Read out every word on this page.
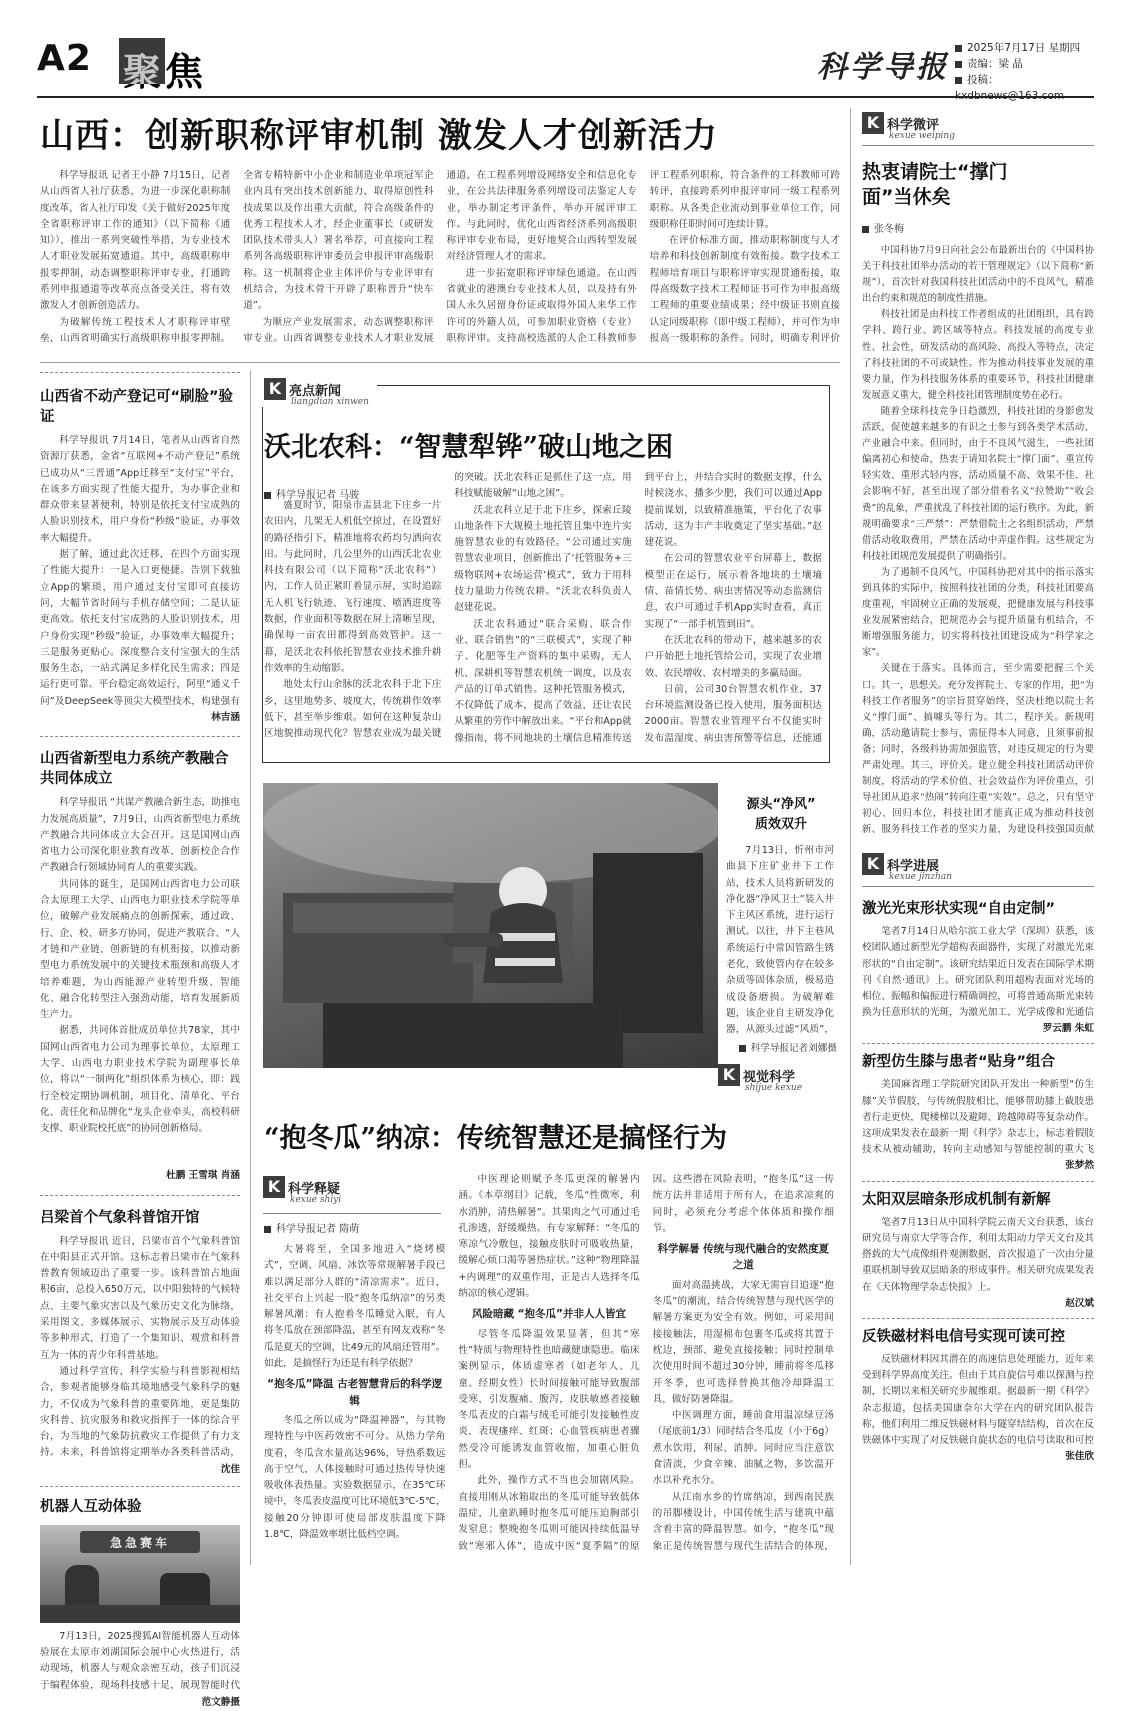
A2 聚焦	科学导报
2025年7月17日 星期四
责编：梁 晶
投稿：
山西：创新职称评审机制 激发人才创新活力

科学导报讯 记者王小静 7月15日，记者从山西省人社厅获悉，为进一步深化职称制度改革，省人社厅印发《关于做好2025年度全省职称评审工作的通知》（以下简称《通知》），推出一系列突破性举措，为专业技术人才职业发展拓宽通道。其中，高级职称申报零押制，动态调整职称评审专业，打通跨系列申报通道等改革亮点备受关注，将有效激发人才创新创造活力。

为破解传统工程技术人才职称评审壁垒，山西省明确实行高级职称申报零押制。全省专精特新中小企业和制造业单项冠军企业内具有突出技术创新能力、取得原创性科技成果以及作出重大贡献，符合高级条件的优秀工程技术人才，经企业董事长（或研发团队技术带头人）署名举荐，可直接向工程系列各高级职称评审委员会申报评审高级职称。这一机制将企业主体评价与专业评审有机结合，为技术骨干开辟了职称晋升“快车道”。

为顺应产业发展需求，动态调整职称评审专业。山西省调整专业技术人才职业发展通道，在工程系列增设网络安全和信息化专业，在公共法律服务系列增设司法鉴定人专业，举办制定考评条件，举办开展评审工作。与此同时，优化山西省经济系列高级职称评审专业布局，更好地契合山西转型发展对经济管理人才的需求。

进一步拓宽职称评审绿色通道。在山西省就业的港澳台专业技术人员，以及持有外国人永久居留身份证或取得外国人来华工作许可的外籍人员，可参加职业资格（专业）职称评审。支持高校选派的人企工科教师参评工程系列职称，符合条件的工科教师可跨转评，直接跨系列申报评审同一级工程系列职称。从各类企业流动到事业单位工作，同级职称任职时间可连续计算。

在评价标准方面，推动职称制度与人才培养和科技创新制度有效衔接。数字技术工程师培育项目与职称评审实现贯通衔接，取得高级数字技术工程师证书可作为申报高级工程师的重要业绩成果；经中级证书则直接认定同级职称（即中级工程师），并可作为申报高一级职称的条件。同时，明确专利评价

山西省不动产登记可“刷脸”验证

科学导报讯 7月14日，笔者从山西省自然资源厅获悉，金省“互联网+不动产登记”系统已成功从“三晋通”App迁移至“支付宝”平台，在该多方面实现了性能大提升，为办事企业和群众带来显著便利，特别是依托支付宝成熟的人脸识别技术，用户身份“秒级”验证，办事效率大幅提升。

据了解，通过此次迁移，在四个方面实现了性能大提升：一是入口更便捷。告别下载独立App的繁琐，用户通过支付宝即可直接访问，大幅节省时间与手机存储空间；二是认证更高效。依托支付宝成熟的人脸识别技术，用户身份实现“秒级”验证，办事效率大幅提升；三是服务更贴心。深度整合支付宝强大的生活服务生态，一站式满足多样化民生需求；四是运行更可靠。平台稳定高效运行，阿里“通义千问”及DeepSeek等顶尖大模型技术，构建强有

林吉涵
山西省新型电力系统产教融合共同体成立

科学导报讯 “共谋产教融合新生态，助推电力发展高质量”，7月9日，山西省新型电力系统产教融合共同体成立大会召开。这是国网山西省电力公司深化职业教育改革、创新校企合作产教融合行领域协同育人的重要实践。

共同体的诞生，是国网山西省电力公司联合太原理工大学、山西电力职业技术学院等单位，破解产业发展痛点的创新探索，通过政、行、企、校、研多方协同，促进产教联合、“人才链和产业链、创新链的有机衔接，以推动新型电力系统发展中的关键技术瓶颈和高级人才培养难题，为山西能源产业转型升级、智能化、融合化转型注入强劲动能，培育发展新质生产力。

据悉，共同体首批成员单位共78家，其中国网山西省电力公司为理事长单位，太原理工大学、山西电力职业技术学院为副理事长单位，将以“一制两化”组织体系为核心，即：践行全校定期协调机制，项目化、清单化、平台化、责任化和品牌化“龙头企业牵头，高校科研支撑、职业院校托底”的协同创新格局。

杜鹏 王雪琪 肖涵
吕梁首个气象科普馆开馆

科学导报讯 近日，吕梁市首个气象科普馆在中阳县正式开馆。这标志着吕梁市在气象科普教育领域迈出了重要一步。该科普馆占地面积6亩，总投入650万元，以中阳独特的气候特点、主要气象灾害以及气象历史文化为脉络，采用图文、多媒体展示、实物展示及互动体验等多种形式，打造了一个集知识、观赏和科普互为一体的青少年科普基地。

通过科学宣传，科学实验与科普影视相结合，参观者能够身临其境地感受气象科学的魅力，不仅成为气象科普的重要阵地，更是集防灾科普、抗灾服务和救灾指挥于一体的综合平台，为当地的气象防抗救灾工作提供了有力支持。未来，科普馆将定期举办各类科普活动，

沈佳
机器人互动体验
急急赛车

7月13日，2025搜狐AI智能机器人互动体验展在太原市刘湖国际会展中心火热进行，活动现场，机器人与观众亲密互动，孩子们沉浸于编程体验，现场科技感十足，展现智能时代

范文静摄
K 亮点新闻
liangdian xinwen
沃北农科：“智慧犁铧”破山地之困
科学导报记者 马骏

盛夏时节，阳泉市盂县北下庄乡一片农田内，几架无人机低空掠过，在设置好的路径指引下，精准地将农药均匀洒向农田。与此同时，几公里外的山西沃北农业科技有限公司（以下简称“沃北农科”）内，工作人员正紧盯着显示屏，实时追踪无人机飞行轨迹、飞行速度、喷洒进度等数据，作业面积等数据在屏上清晰呈现，确保每一亩农田都得到高效管护。这一幕，是沃北农科依托智慧农业技术推升耕作效率的生动缩影。

地处太行山余脉的沃北农科于北下庄乡，这里地势多、坡度大，传统耕作效率低下，甚至举步维艰。如何在这种复杂山区地貌推动现代化？智慧农业成为最关键的突破。沃北农科正是抓住了这一点，用科技赋能破解“山地之困”。

沃北农科立足于北下庄乡，探索丘陵山地条件下大规模土地托管且集中连片实施智慧农业的有效路径。“公司通过实施智慧农业项目，创新推出了‘托管服务+三级物联网+农场运营’模式”，致力于用科技力量助力传统农耕。“沃北农科负责人赵建花说。

沃北农科通过“联合采购、联合作业、联合销售”的“三联模式”，实现了种子、化肥等生产资料的集中采购，无人机、深耕机等智慧农机统一调度，以及农产品的订单式销售。这种托管服务模式，不仅降低了成本，提高了效益，还让农民从繁重的劳作中解放出来。“平台和App就像指南，将不同地块的土壤信息精准传送到平台上，并结合实时的数据支撑，什么时候浇水、播多少肥，我们可以通过App提前谋划，以致精准施策，平台化了农事活动，这为丰产丰收奠定了坚实基础。”赵建花说。

在公司的智慧农业平台屏幕上，数据模型正在运行，展示着各地块的土壤墒情、苗情长势、病虫害情况等动态监测信息，农户可通过手机App实时查看，真正实现了“一部手机管到田”。

在沃北农科的带动下，越来越多的农户开始把土地托管给公司，实现了农业增效、农民增收、农村增美的多赢局面。

日前，公司30台智慧农机作业，37台环境监测设备已投入使用，服务面积达2000亩。智慧农业管理平台不仅能实时发布温湿度、病虫害预警等信息，还能通

源头“净风”
质效双升

7月13日，忻州市河曲县下庄矿业井下工作站，技术人员将新研发的净化器“净风卫士”装入井下主风区系统，进行运行测试。以往，井下主巷风系统运行中常因管路生锈老化，致使管内存在较多杂质等固体杂质，极易造成设备磨损。为破解难题，该企业自主研发净化器，从源头过滤“风质”，

科学导报记者刘娜摄
K 视觉科学
shijue kexue
“抱冬瓜”纳凉：传统智慧还是搞怪行为
K 科学释疑
kexue shiyi
科学导报记者 隋萌

大暑将至，全国多地进入“烧烤模式”，空调、风扇、冰饮等常规解暑手段已难以满足部分人群的“清凉需求”。近日，社交平台上兴起一股“抱冬瓜纳凉”的另类解暑风潮：有人抱着冬瓜睡觉入眠，有人将冬瓜放在颈部降温，甚至有网友戏称“冬瓜是夏天的空调，比49元的风扇还管用”。如此，是搞怪行为还是有科学依据？

“抱冬瓜”降温 古老智慧背后的科学逻辑

冬瓜之所以成为“降温神器”，与其物理特性与中医药效密不可分。从热力学角度看，冬瓜含水量高达96%，导热系数远高于空气，人体接触时可通过热传导快速吸收体表热量。实验数据显示，在35℃环境中，冬瓜表皮温度可比环境低3℃-5℃，接触20分钟即可使局部皮肤温度下降1.8℃，降温效率堪比低档空调。

中医理论则赋予冬瓜更深的解暑内涵。《本草纲目》记载，冬瓜“性微寒，利水消肿，清热解暑”。其果肉之气可通过毛孔渗透，舒缓燥热。有专家解释：“冬瓜的寒凉气冷敷包，接触皮肤时可吸收热量，缓解心烦口渴等暑热症状。”这种“物理降温+内调理”的双重作用，正是古人选择冬瓜纳凉的核心逻辑。

风险暗藏 “抱冬瓜”并非人人皆宜

尽管冬瓜降温效果显著，但其“寒性”特质与物理特性也暗藏健康隐患。临床案例显示，体质虚寒者（如老年人、儿童、经期女性）长时间接触可能导致腹部受寒，引发腹痛、腹泻，皮肤敏感者接触冬瓜表皮的白霜与绒毛可能引发接触性皮炎，表现瘙痒、红斑；心血管疾病患者骤然受冷可能诱发血管收缩，加重心脏负担。

此外，操作方式不当也会加剧风险。直接用刚从冰箱取出的冬瓜可能导致低体温症，儿童趴睡时抱冬瓜可能压迫胸部引发窒息；整晚抱冬瓜则可能因持续低温导致“寒邪入体”，造成中医“夏季隔”的原因。这些潜在风险表明，“抱冬瓜”这一传统方法并非适用于所有人，在追求凉爽的同时，必须充分考虑个体体质和操作细节。

科学解暑 传统与现代融合的安然度夏之道

面对高温挑战，大家无需盲目追逐“抱冬瓜”的潮流，结合传统智慧与现代医学的解暑方案更为安全有效。例如，可采用间接接触法，用湿棉布包裹冬瓜或将其置于枕边，颈部、避免直接接触；同时控制单次使用时间不超过30分钟，睡前将冬瓜移开冬季，也可选择替换其他冷却降温工具，做好防暑降温。

中医调理方面，睡前食用温凉绿豆汤（尾底前1/3）同时结合冬瓜皮（小于6g）煮水饮用，利尿、消肿。同时应当注意饮食清淡，少食辛辣、油腻之物，多饮温开水以补充水分。

从江南水乡的竹席纳凉，到西南民族的吊脚楼设计，中国传统生活与建筑中蕴含着丰富的降温智慧。如今，“抱冬瓜”现象正是传统智慧与现代生活结合的体现，

K 科学微评
kexue weiping
热衷请院士“撑门面”当休矣
张冬梅

中国科协7月9日向社会公布最新出台的《中国科协关于科技社团举办活动的若干管理规定》（以下简称“新规”），首次针对我国科技社团活动中的不良风气，精准出台约束和规范的制度性措施。

科技社团是由科技工作者组成的社团组织，具有跨学科、跨行业、跨区域等特点。科技发展的高度专业性、社会性，研发活动的高风险、高投入等特点，决定了科技社团的不可或缺性。作为推动科技事业发展的重要力量，作为科技服务体系的重要环节，科技社团健康发展意义重大，健全科技社团管理制度势在必行。

随着全球科技竞争日趋激烈，科技社团的身影愈发活跃，促使越来越多的有识之士参与到各类学术活动、产业融合中来。但同时，由于不良风气滋生，一些社团偏离初心和使命，热衷于请知名院士“撑门面”、重宣传轻实效、重形式轻内容，活动质量不高、效果不佳、社会影响不好，甚至出现了部分借着名义“拉赞助”“收会费”的乱象，严重扰乱了科技社团的运行秩序。为此，新规明确要求“三严禁”：严禁借院士之名组织活动，严禁借活动收取费用，严禁在活动中弄虚作假。这些规定为科技社团规范发展提供了明确指引。

为了遏制不良风气，中国科协把对其中的指示落实到具体的实际中，按照科技社团的分类，科技社团要高度重视，牢固树立正确的发展观，把健康发展与科技事业发展紧密结合，把规范办会与提升质量有机结合，不断增强服务能力，切实将科技社团建设成为“科学家之家”。

关键在于落实。具体而言，至少需要把握三个关口。其一，思想关。充分发挥院士、专家的作用，把“为科技工作者服务”的宗旨贯穿始终，坚决杜绝以院士名义“撑门面”、搞噱头等行为。其二，程序关。新规明确，活动邀请院士参与，需征得本人同意，且须事前报备；同时，各级科协需加强监管，对违反规定的行为要严肃处理。其三，评价关。建立健全科技社团活动评价制度，将活动的学术价值、社会效益作为评价重点，引导社团从追求“热闹”转向注重“实效”。总之，只有坚守初心、回归本位，科技社团才能真正成为推动科技创新、服务科技工作者的坚实力量，为建设科技强国贡献

K 科学进展
kexue jinzhan
激光光束形状实现“自由定制”

笔者7月14日从哈尔滨工业大学（深圳）获悉，该校团队通过新型光学超构表面器件，实现了对激光光束形状的“自由定制”。该研究结果近日发表在国际学术期刊《自然·通讯》上。研究团队利用超构表面对光场的相位、振幅和偏振进行精确调控，可将普通高斯光束转换为任意形状的光斑，为激光加工、光学成像和光通信

罗云鹏 朱虹
新型仿生膝与患者“贴身”组合

美国麻省理工学院研究团队开发出一种新型“仿生膝”关节假肢，与传统假肢相比，能够帮助膝上截肢患者行走更快，爬楼梯以及避障、跨越障碍等复杂动作。这项成果发表在最新一期《科学》杂志上，标志着假肢技术从被动辅助，转向主动感知与智能控制的重大飞

张梦然
太阳双层暗条形成机制有新解

笔者7月13日从中国科学院云南天文台获悉，该台研究员与南京大学等合作，利用太阳动力学天文台及其搭载的大气成像组件观测数据，首次报道了一次由分量重联机制导致双层暗条的形成事件。相关研究成果发表在《天体物理学杂志快报》上。

赵汉斌
反铁磁材料电信号实现可读可控

反铁磁材料因其潜在的高速信息处理能力，近年来受到科学界高度关注。但由于其自旋信号难以探测与控制，长期以来相关研究步履维艰。据最新一期《科学》杂志报道，包括美国康奈尔大学在内的研究团队报告称，他们利用二维反铁磁材料与隧穿结结构，首次在反铁磁体中实现了对反铁磁自旋状态的电信号读取和可控

张佳欣
